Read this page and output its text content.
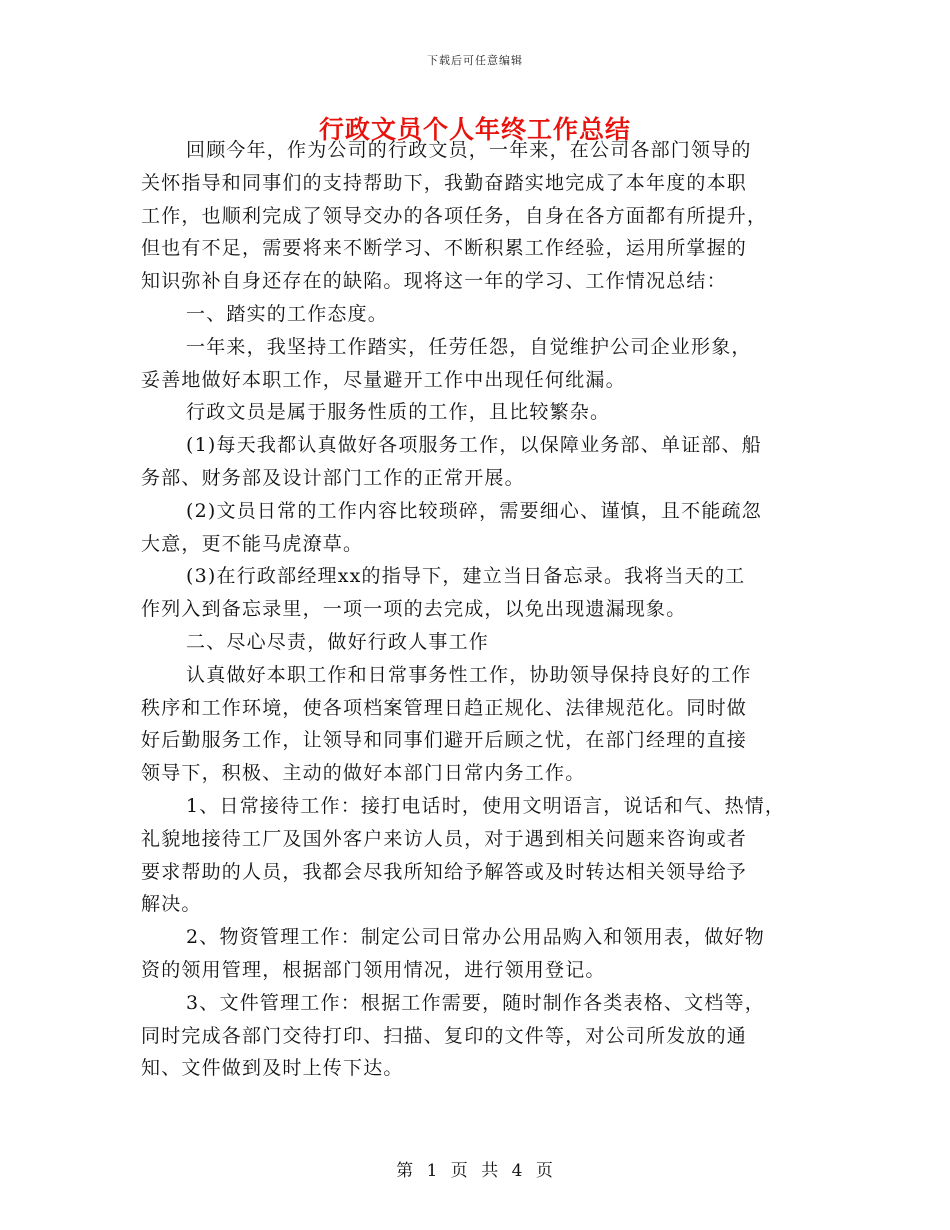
下载后可任意编辑
行政文员个人年终工作总结
回顾今年，作为公司的行政文员，一年来，在公司各部门领导的
关怀指导和同事们的支持帮助下，我勤奋踏实地完成了本年度的本职
工作，也顺利完成了领导交办的各项任务，自身在各方面都有所提升，
但也有不足，需要将来不断学习、不断积累工作经验，运用所掌握的
知识弥补自身还存在的缺陷。现将这一年的学习、工作情况总结：
一、踏实的工作态度。
一年来，我坚持工作踏实，任劳任怨，自觉维护公司企业形象，
妥善地做好本职工作，尽量避开工作中出现任何纰漏。
行政文员是属于服务性质的工作，且比较繁杂。
(1)每天我都认真做好各项服务工作，以保障业务部、单证部、船
务部、财务部及设计部门工作的正常开展。
(2)文员日常的工作内容比较琐碎，需要细心、谨慎，且不能疏忽
大意，更不能马虎潦草。
(3)在行政部经理xx的指导下，建立当日备忘录。我将当天的工
作列入到备忘录里，一项一项的去完成，以免出现遗漏现象。
二、尽心尽责，做好行政人事工作
认真做好本职工作和日常事务性工作，协助领导保持良好的工作
秩序和工作环境，使各项档案管理日趋正规化、法律规范化。同时做
好后勤服务工作，让领导和同事们避开后顾之忧，在部门经理的直接
领导下，积极、主动的做好本部门日常内务工作。
1、日常接待工作：接打电话时，使用文明语言，说话和气、热情，
礼貌地接待工厂及国外客户来访人员，对于遇到相关问题来咨询或者
要求帮助的人员，我都会尽我所知给予解答或及时转达相关领导给予
解决。
2、物资管理工作：制定公司日常办公用品购入和领用表，做好物
资的领用管理，根据部门领用情况，进行领用登记。
3、文件管理工作：根据工作需要，随时制作各类表格、文档等，
同时完成各部门交待打印、扫描、复印的文件等，对公司所发放的通
知、文件做到及时上传下达。
第 1 页 共 4 页
